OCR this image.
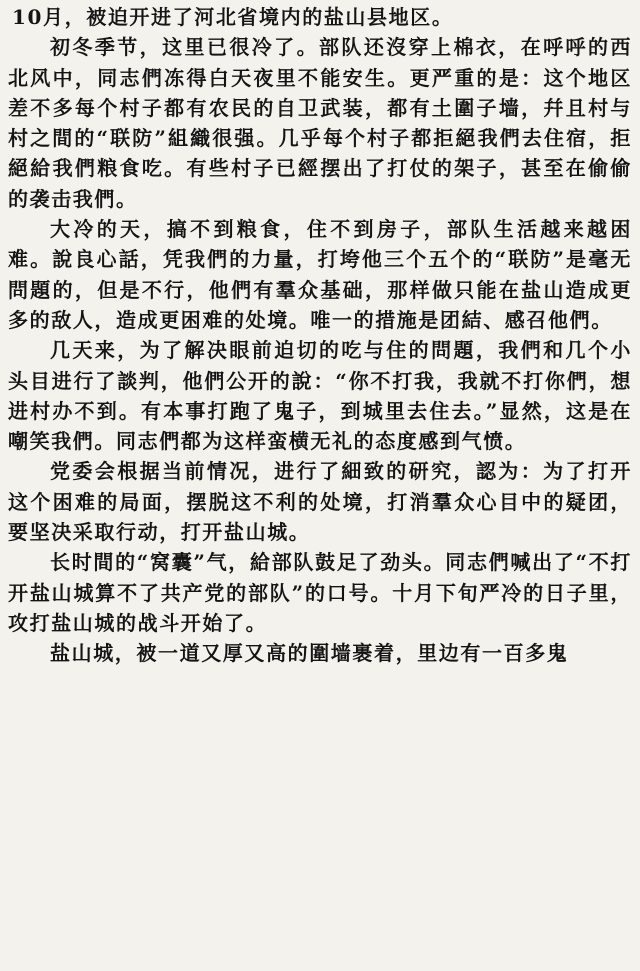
10月，被迫开进了河北省境内的盐山县地区。

初冬季节，这里已很冷了。部队还沒穿上棉衣，在呼呼的西北风中，同志們冻得白天夜里不能安生。更严重的是：这个地区差不多每个村子都有农民的自卫武装，都有土圍子墙，幷且村与村之間的“联防”組織很强。几乎每个村子都拒絕我們去住宿，拒絕給我們粮食吃。有些村子已經摆出了打仗的架子，甚至在偷偷的袭击我們。

大冷的天，搞不到粮食，住不到房子，部队生活越来越困难。說良心話，凭我們的力量，打垮他三个五个的“联防”是毫无問題的，但是不行，他們有羣众基础，那样做只能在盐山造成更多的敌人，造成更困难的处境。唯一的措施是团結、感召他們。

几天来，为了解决眼前迫切的吃与住的問題，我們和几个小头目进行了談判，他們公开的說：“你不打我，我就不打你們，想进村办不到。有本事打跑了鬼子，到城里去住去。”显然，这是在嘲笑我們。同志們都为这样蛮横无礼的态度感到气愤。

党委会根据当前情况，进行了細致的研究，認为：为了打开这个困难的局面，摆脱这不利的处境，打消羣众心目中的疑团，要坚决采取行动，打开盐山城。

长时間的“窝囊”气，給部队鼓足了劲头。同志們喊出了“不打开盐山城算不了共产党的部队”的口号。十月下旬严冷的日子里，攻打盐山城的战斗开始了。

盐山城，被一道又厚又高的圍墙裹着，里边有一百多鬼
